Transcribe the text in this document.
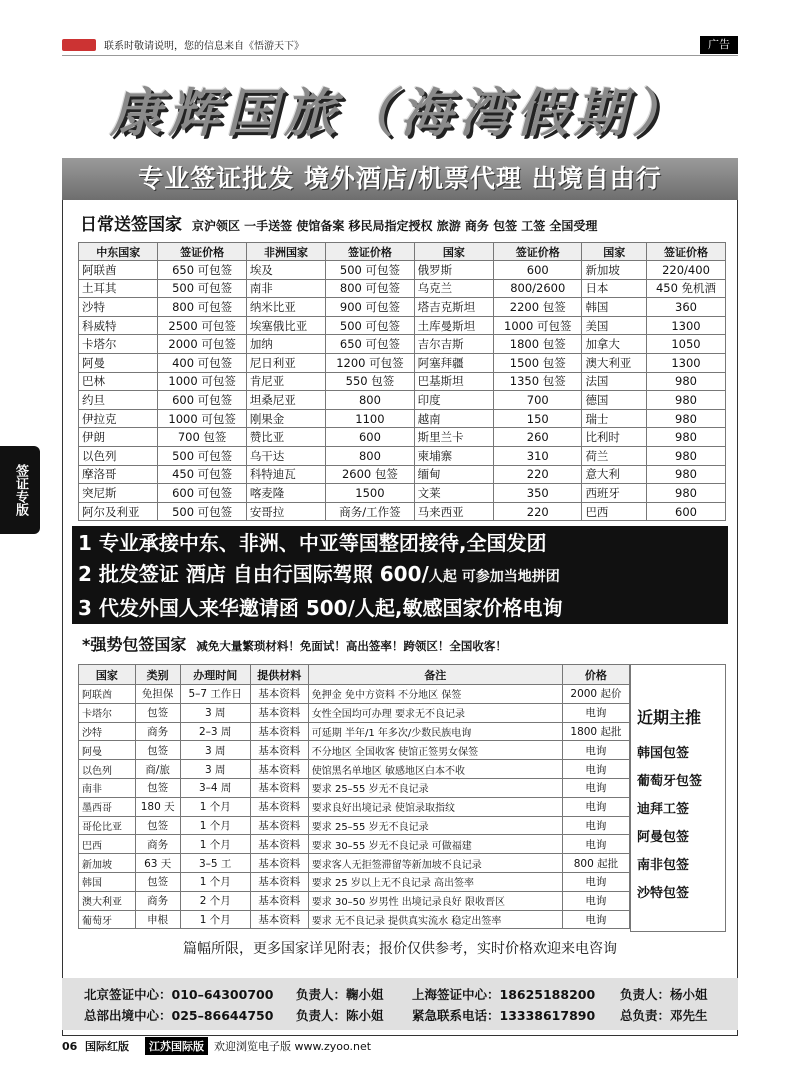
联系时敬请说明，您的信息来自《悟游天下》	广告
康辉国旅（海湾假期）
专业签证批发 境外酒店/机票代理 出境自由行
日常送签国家 京沪领区 一手送签 使馆备案 移民局指定授权 旅游 商务 包签 工签 全国受理
中东国家	签证价格	非洲国家	签证价格	国家	签证价格	国家	签证价格
阿联酋	650 可包签	埃及	500 可包签	俄罗斯	600	新加坡	220/400
土耳其	500 可包签	南非	800 可包签	乌克兰	800/2600	日本	450 免机酒
沙特	800 可包签	纳米比亚	900 可包签	塔吉克斯坦	2200 包签	韩国	360
科威特	2500 可包签	埃塞俄比亚	500 可包签	土库曼斯坦	1000 可包签	美国	1300
卡塔尔	2000 可包签	加纳	650 可包签	吉尔吉斯	1800 包签	加拿大	1050
阿曼	400 可包签	尼日利亚	1200 可包签	阿塞拜疆	1500 包签	澳大利亚	1300
巴林	1000 可包签	肯尼亚	550 包签	巴基斯坦	1350 包签	法国	980
约旦	600 可包签	坦桑尼亚	800	印度	700	德国	980
伊拉克	1000 可包签	刚果金	1100	越南	150	瑞士	980
伊朗	700 包签	赞比亚	600	斯里兰卡	260	比利时	980
以色列	500 可包签	乌干达	800	柬埔寨	310	荷兰	980
摩洛哥	450 可包签	科特迪瓦	2600 包签	缅甸	220	意大利	980
突尼斯	600 可包签	喀麦隆	1500	文莱	350	西班牙	980
阿尔及利亚	500 可包签	安哥拉	商务/工作签	马来西亚	220	巴西	600
1 专业承接中东、非洲、中亚等国整团接待,全国发团
2 批发签证 酒店 自由行国际驾照 600/人起 可参加当地拼团
3 代发外国人来华邀请函 500/人起,敏感国家价格电询
*强势包签国家 减免大量繁琐材料！免面试！高出签率！跨领区！全国收客！
国家	类别	办理时间	提供材料	备注	价格
阿联酋	免担保	5–7 工作日	基本资料	免押金 免中方资料 不分地区 保签	2000 起价
卡塔尔	包签	3 周	基本资料	女性全国均可办理 要求无不良记录	电询
沙特	商务	2–3 周	基本资料	可延期 半年/1 年多次/少数民族电询	1800 起批
阿曼	包签	3 周	基本资料	不分地区 全国收客 使馆正签男女保签	电询
以色列	商/旅	3 周	基本资料	使馆黑名单地区 敏感地区白本不收	电询
南非	包签	3–4 周	基本资料	要求 25–55 岁无不良记录	电询
墨西哥	180 天	1 个月	基本资料	要求良好出境记录 使馆录取指纹	电询
哥伦比亚	包签	1 个月	基本资料	要求 25–55 岁无不良记录	电询
巴西	商务	1 个月	基本资料	要求 30–55 岁无不良记录 可做福建	电询
新加坡	63 天	3–5 工	基本资料	要求客人无拒签滞留等新加坡不良记录	800 起批
韩国	包签	1 个月	基本资料	要求 25 岁以上无不良记录 高出签率	电询
澳大利亚	商务	2 个月	基本资料	要求 30–50 岁男性 出境记录良好 限收晋区	电询
葡萄牙	申根	1 个月	基本资料	要求 无不良记录 提供真实流水 稳定出签率	电询
近期主推
韩国包签
葡萄牙包签
迪拜工签
阿曼包签
南非包签
沙特包签
篇幅所限，更多国家详见附表；报价仅供参考，实时价格欢迎来电咨询
北京签证中心：010–64300700 负责人：鞠小姐 上海签证中心：18625188200 负责人：杨小姐
总部出境中心：025–86644750 负责人：陈小姐 紧急联系电话：13338617890 总负责：邓先生
签证专版
06
国际红版	江苏国际版 欢迎浏览电子版 www.zyoo.net
